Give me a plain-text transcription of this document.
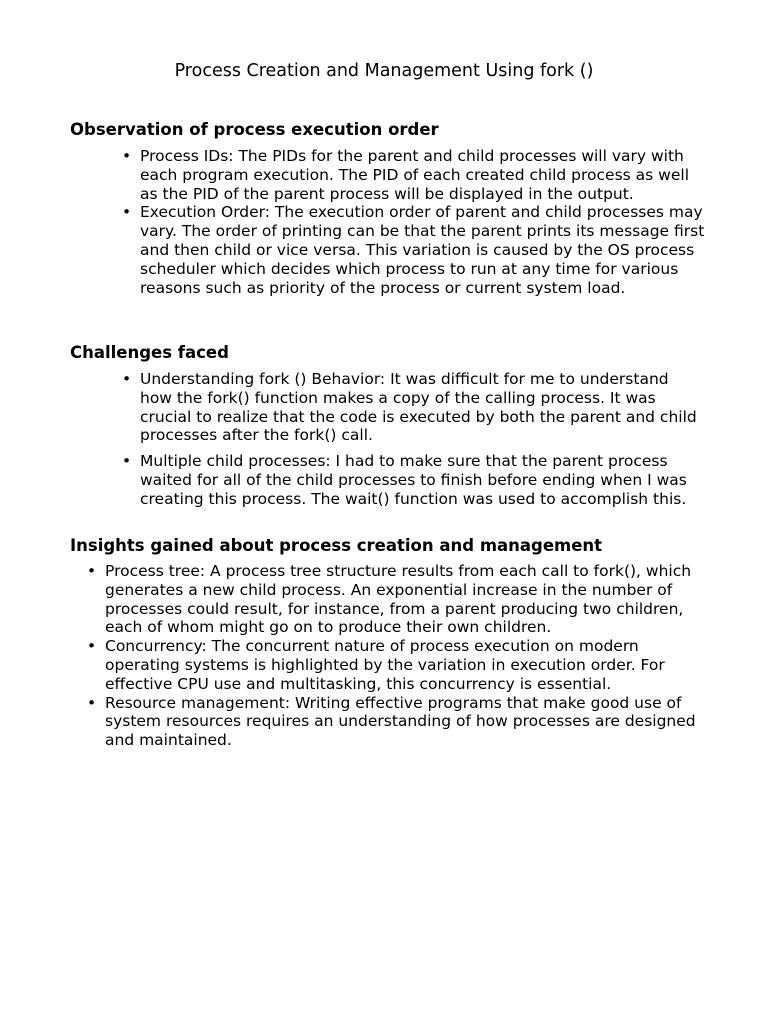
Process Creation and Management Using fork ()
Observation of process execution order
• Process IDs: The PIDs for the parent and child processes will vary with each program execution. The PID of each created child process as well as the PID of the parent process will be displayed in the output.
• Execution Order: The execution order of parent and child processes may vary. The order of printing can be that the parent prints its message first and then child or vice versa. This variation is caused by the OS process scheduler which decides which process to run at any time for various reasons such as priority of the process or current system load.
Challenges faced
• Understanding fork () Behavior: It was difficult for me to understand how the fork() function makes a copy of the calling process. It was crucial to realize that the code is executed by both the parent and child processes after the fork() call.
• Multiple child processes: I had to make sure that the parent process waited for all of the child processes to finish before ending when I was creating this process. The wait() function was used to accomplish this.
Insights gained about process creation and management
• Process tree: A process tree structure results from each call to fork(), which generates a new child process. An exponential increase in the number of processes could result, for instance, from a parent producing two children, each of whom might go on to produce their own children.
• Concurrency: The concurrent nature of process execution on modern operating systems is highlighted by the variation in execution order. For effective CPU use and multitasking, this concurrency is essential.
• Resource management: Writing effective programs that make good use of system resources requires an understanding of how processes are designed and maintained.
